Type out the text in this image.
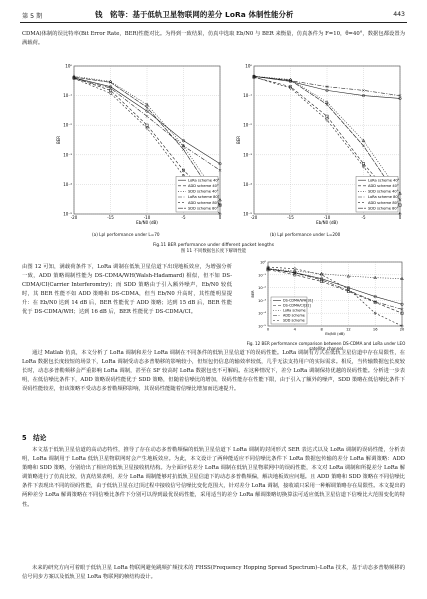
第 5 期	钱　铭等：基于低轨卫星物联网的差分 LoRa 体制性能分析	443
CDMA)体制的误比特率(Bit Error Rate，BER)性能对比。为得到一致结果，仿真中选取 Eb/N0 与 BER 来衡量，仿真条件为 F=10，θ=40°，数据包都设置为满载荷。
10⁻⁵
10⁻⁴
10⁻³
10⁻²
10⁻¹
10⁰
-20	-15	-10	-5	0
BER
Eb/N0 (dB)
LoRa scheme 40°
ADD scheme 40°
SDD scheme 40°
LoRa scheme 80°
ADD scheme 80°
SDD scheme 80°
10⁻⁵
10⁻⁴
10⁻³
10⁻²
10⁻¹
10⁰
-20	-15	-10	-5	0
BER
Eb/N0 (dB)
LoRa scheme 40°
ADD scheme 40°
SDD scheme 40°
LoRa scheme 80°
ADD scheme 80°
SDD scheme 80°
(a) Lpl performance under L=70	(b) Lpl performance under L=200
Fig.11 BER performance under different packet lengths
图 11 不同数据包长度下解调性能
由图 12 可知，满载荷条件下，LoRa 调制在低轨卫星信道下出现地板效应，为增强分析一致，ADD 策略调制性能为 DS-CDMA/WH(Walsh-Hadamard) 相似，但不如 DS-CDMA/CI(Carrier Interferomtry)；而 SDD 策略由于引入额外噪声，Eb/N0 较低时，其 BER 性能不如 ADD 策略和 DS-CDMA，但当 Eb/N0 升高时，其性能明显提升：在 Eb/N0 达到 14 dB 后，BER 性能优于 ADD 策略；达到 15 dB 后，BER 性能优于 DS-CDMA/WH；达到 16 dB 后，BER 性能优于 DS-CDMA/CI。
通过 Matlab 仿真，本文分析了 LoRa 调制和差分 LoRa 调制在不同条件的低轨卫星信道下的误码性能。LoRa 调制有方式在低轨卫星信道中存在局限性，在 LoRa 数据包长度较短的场景下，LoRa 调制受动态多普勒移的影响较小，但短包仍信息的输效率较低，几乎无法支持用户的实际需求。相反，当传输数据包长度较长时，动态多普勒频移会严重影响 LoRa 调制，甚至在 SF 较高时 LoRa 数据包也不可解码。在这种情况下，差分 LoRa 调制保持优越的误码性能。分析进一步表明，在低信噪比条件下，ADD 策略误码性能优于 SDD 策略，但随着信噪比的增加，误码性能存在性能下限，由于引入了额外的噪声，SDD 策略在低信噪比条件下误码性能较差，但该策略不受动态多普勒频移影响，其误码性能随着信噪比增加而迅速提升。
10⁻⁵
10⁻⁴
10⁻³
10⁻²
10⁻¹
10⁰
0	4	8	12	16	20
BER
Eb/N0 (dB)
DS-CDMA/WH[31]
DS-CDMA/CI[31]
LoRa scheme
ADD scheme
SDD scheme
Fig. 12 BER performance comparison between DS-CDMA and LoRa under LEO satellite channel
5　结论
本文基于低轨卫星信道的高动态特性，推导了存在动态多普勒频偏的低轨卫星信道下 LoRa 调制的封闭形式 SER 表达式以及 LoRa 调制的误码性能，分析表明，LoRa 调制用于 LoRa 低轨卫星物联网时会产生地板效应。为此，本文设计了两种能适应不同信噪比条件下 LoRa 数据包传输的差分 LoRa 解调策略：ADD 策略和 SDD 策略，分别给出了相应的低轨卫星接收机结构。为全面评估差分 LoRa 调制在低轨卫星物联网中的误码性能，本文对 LoRa 调制和所提差分 LoRa 解调策略进行了仿真比较，仿真结果表明，差分 LoRa 调制能够对抗低轨卫星信道下的动态多普勒频偏，解决地板效应问题。且 ADD 策略和 SDD 策略在不同信噪比条件下表现出不同的误码性能，由于低轨卫星在过顶过程中接收信号信噪比变化范围大，针对差分 LoRa 调制，接收端只采用一种解调策略存在局限性。本文提出的两种差分 LoRa 解调策略在不同信噪比条件下分别可以得到最优误码性能，采用适当的差分 LoRa 解调策略切换算法可适应低轨卫星信道下信噪比大范围变化的特性。
未来的研究方向可着眼于低轨卫星 LoRa 物联网避免跳频扩频技术的 FHSS(Frequency Hopping Spread Spectrum)–LoRa 技术，基于动态多普勒频移的信号同步方案以及低轨卫星 LoRa 物联网的帧结构设计。
